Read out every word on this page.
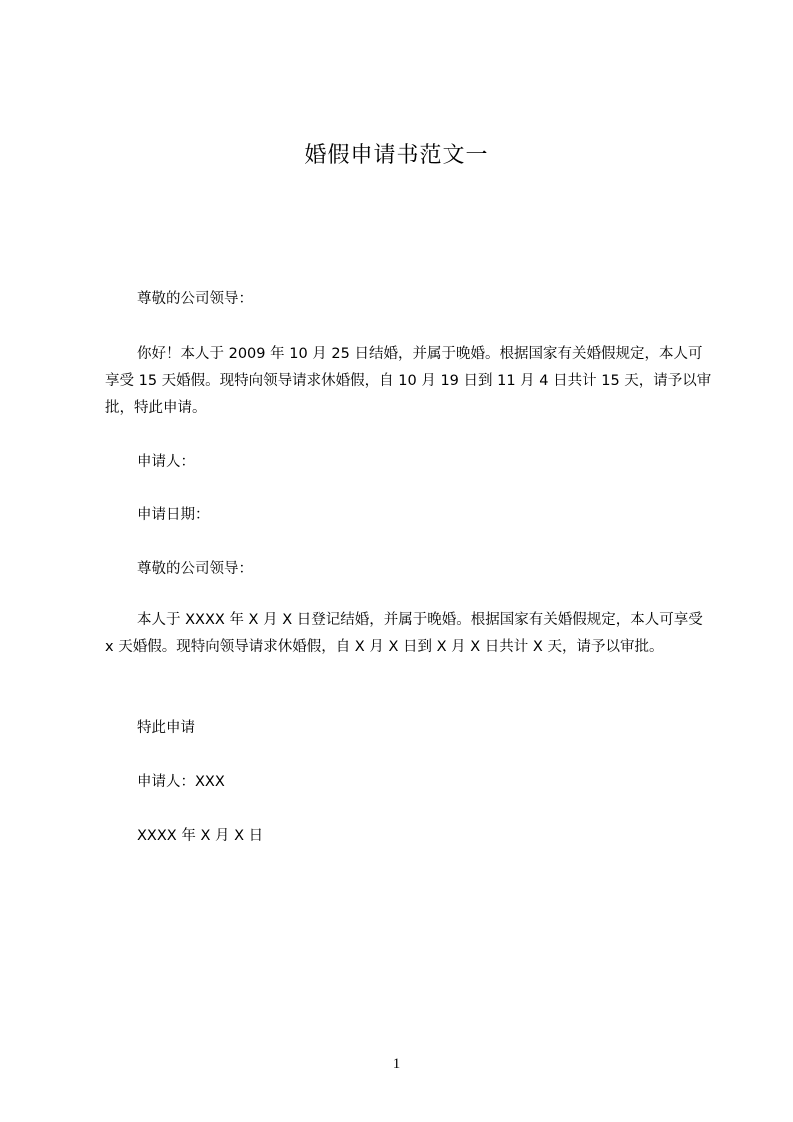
婚假申请书范文一

尊敬的公司领导：

你好！本人于 2009 年 10 月 25 日结婚，并属于晚婚。根据国家有关婚假规定，本人可享受 15 天婚假。现特向领导请求休婚假，自 10 月 19 日到 11 月 4 日共计 15 天，请予以审批，特此申请。

申请人：

申请日期：

尊敬的公司领导：

本人于 XXXX 年 X 月 X 日登记结婚，并属于晚婚。根据国家有关婚假规定，本人可享受 x 天婚假。现特向领导请求休婚假，自 X 月 X 日到 X 月 X 日共计 X 天，请予以审批。

特此申请

申请人：XXX

XXXX 年 X 月 X 日

1
